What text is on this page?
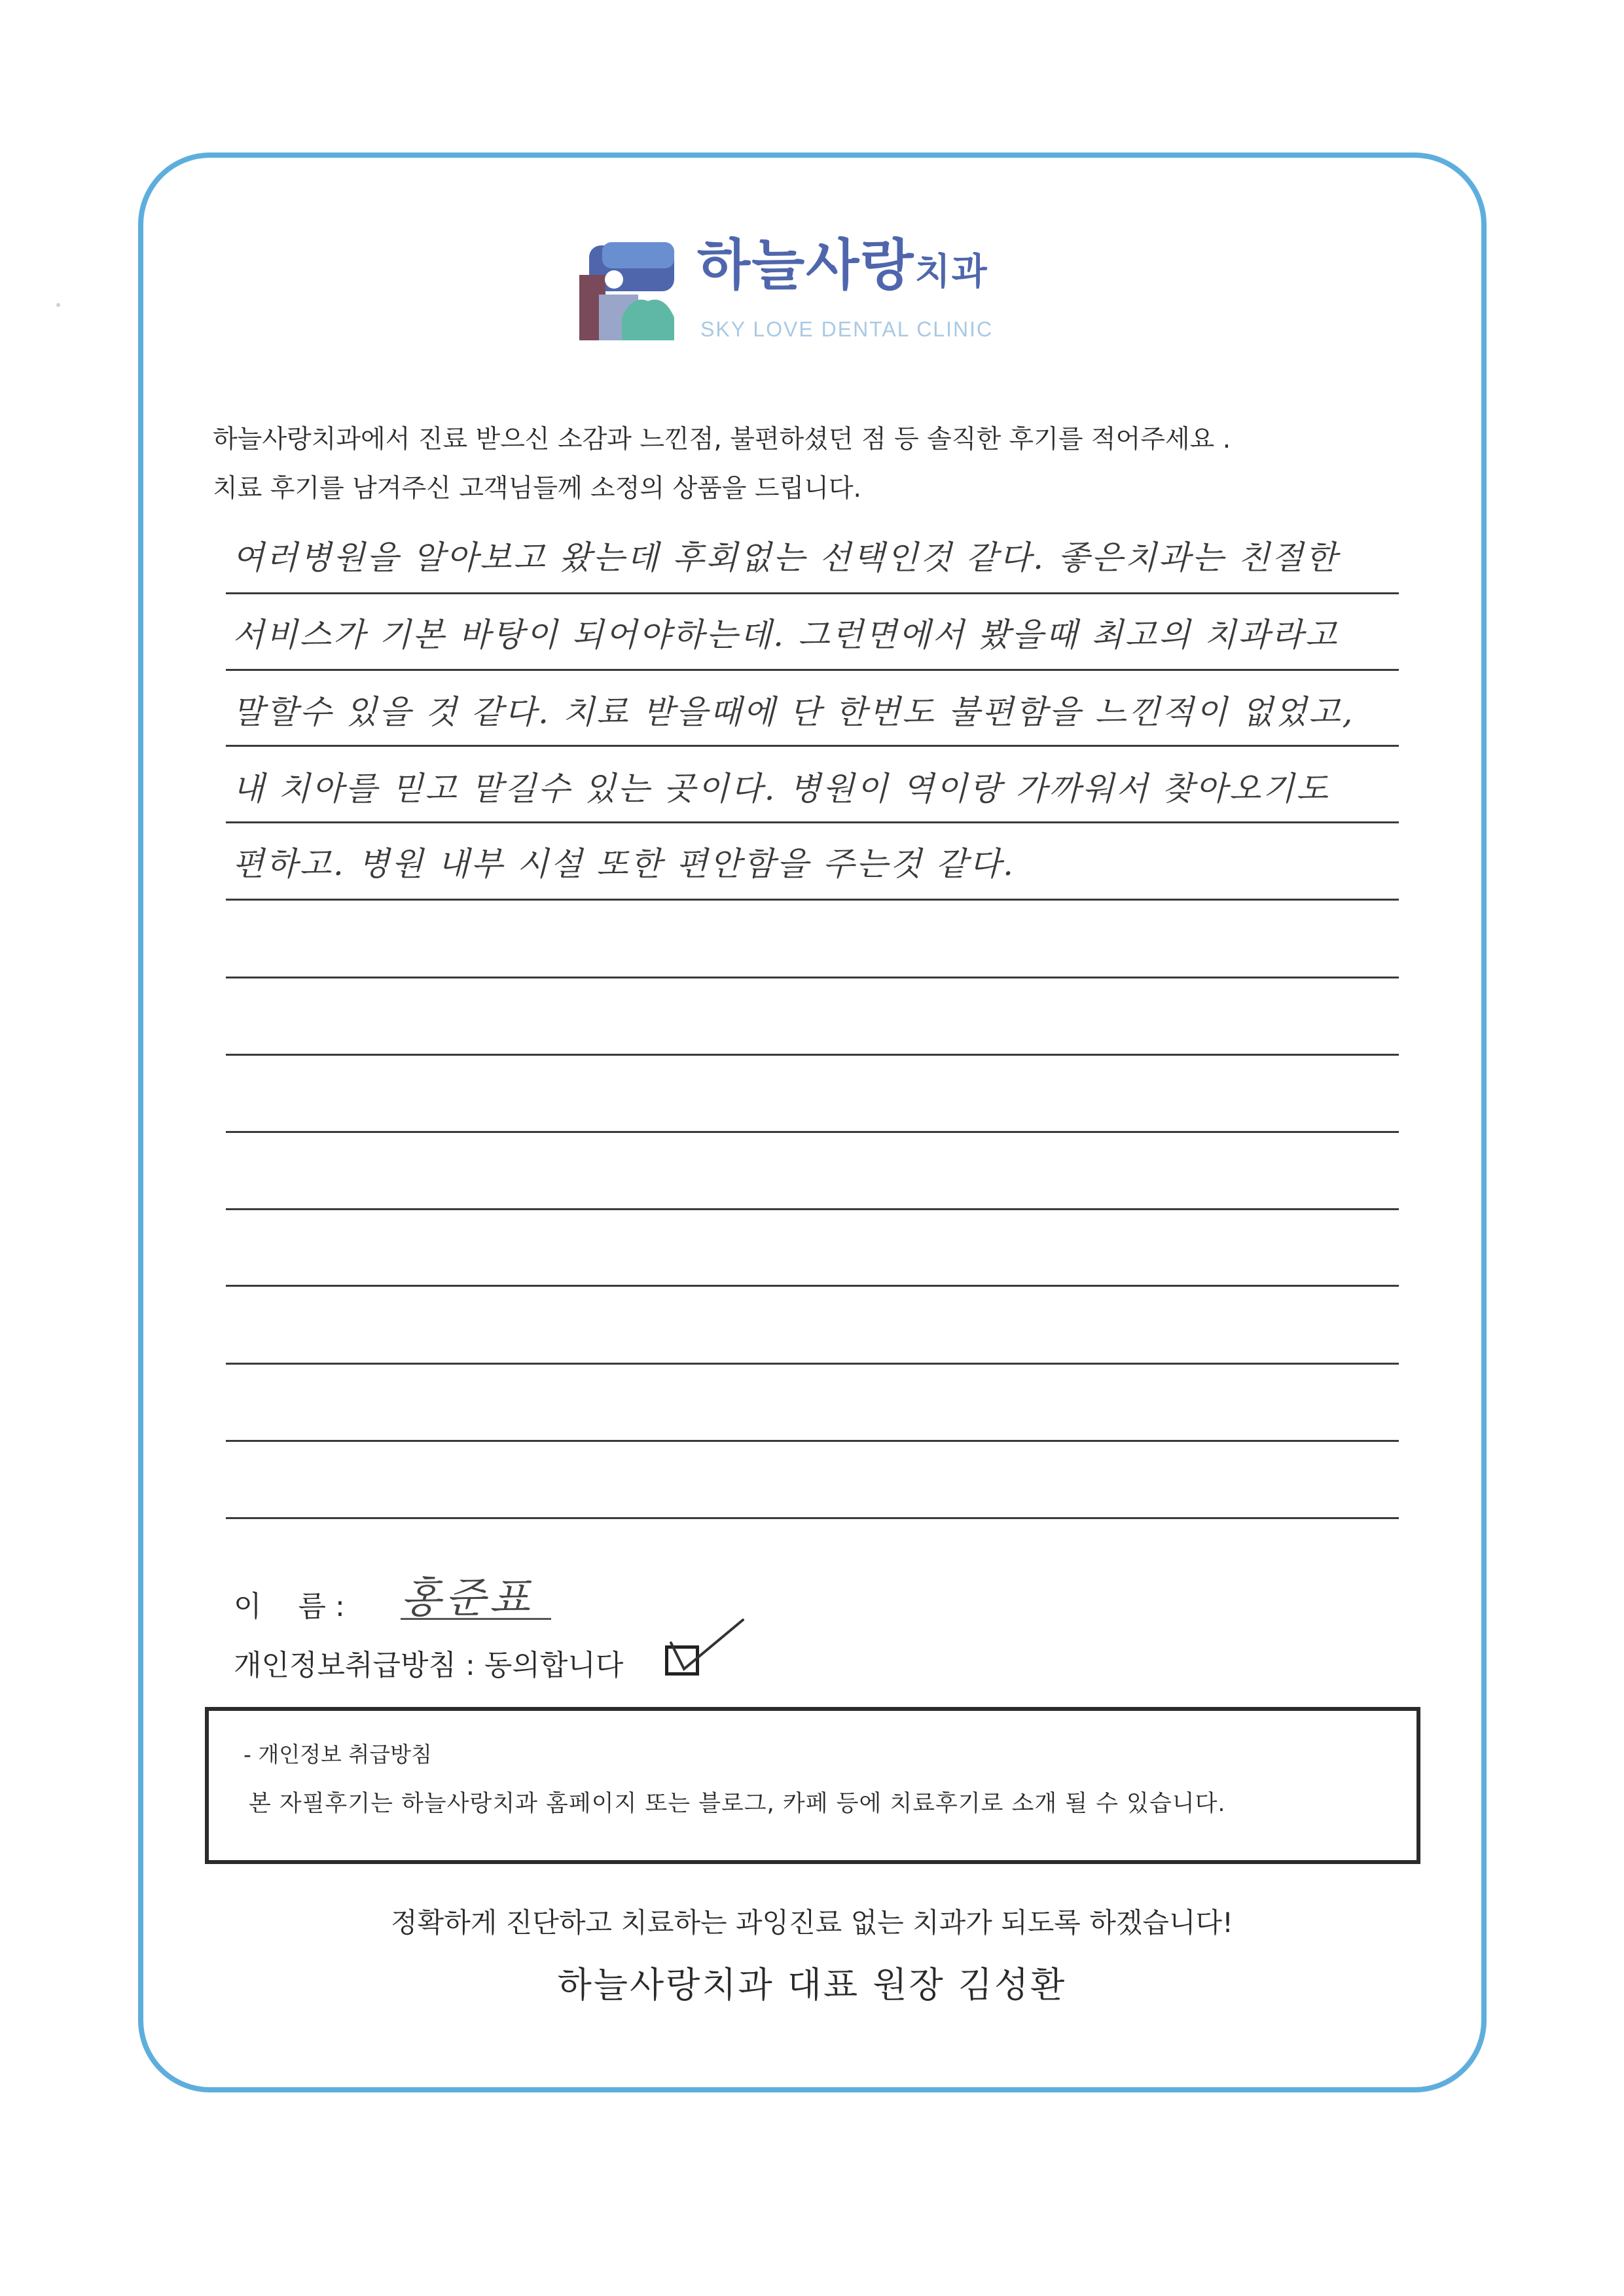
하늘사랑치과
SKY LOVE DENTAL CLINIC
하늘사랑치과에서 진료 받으신 소감과 느낀점, 불편하셨던 점 등 솔직한 후기를 적어주세요 .
치료 후기를 남겨주신 고객님들께 소정의 상품을 드립니다.
여러병원을 알아보고 왔는데 후회없는 선택인것 같다. 좋은치과는 친절한
서비스가 기본 바탕이 되어야하는데. 그런면에서 봤을때 최고의 치과라고
말할수 있을 것 같다. 치료 받을때에 단 한번도 불편함을 느낀적이 없었고,
내 치아를 믿고 맡길수 있는 곳이다. 병원이 역이랑 가까워서 찾아오기도
편하고. 병원 내부 시설 또한 편안함을 주는것 같다.
이    름 : 홍준표
개인정보취급방침 : 동의합니다
- 개인정보 취급방침
본 자필후기는 하늘사랑치과 홈페이지 또는 블로그, 카페 등에 치료후기로 소개 될 수 있습니다.
정확하게 진단하고 치료하는 과잉진료 없는 치과가 되도록 하겠습니다!
하늘사랑치과 대표 원장 김성환
